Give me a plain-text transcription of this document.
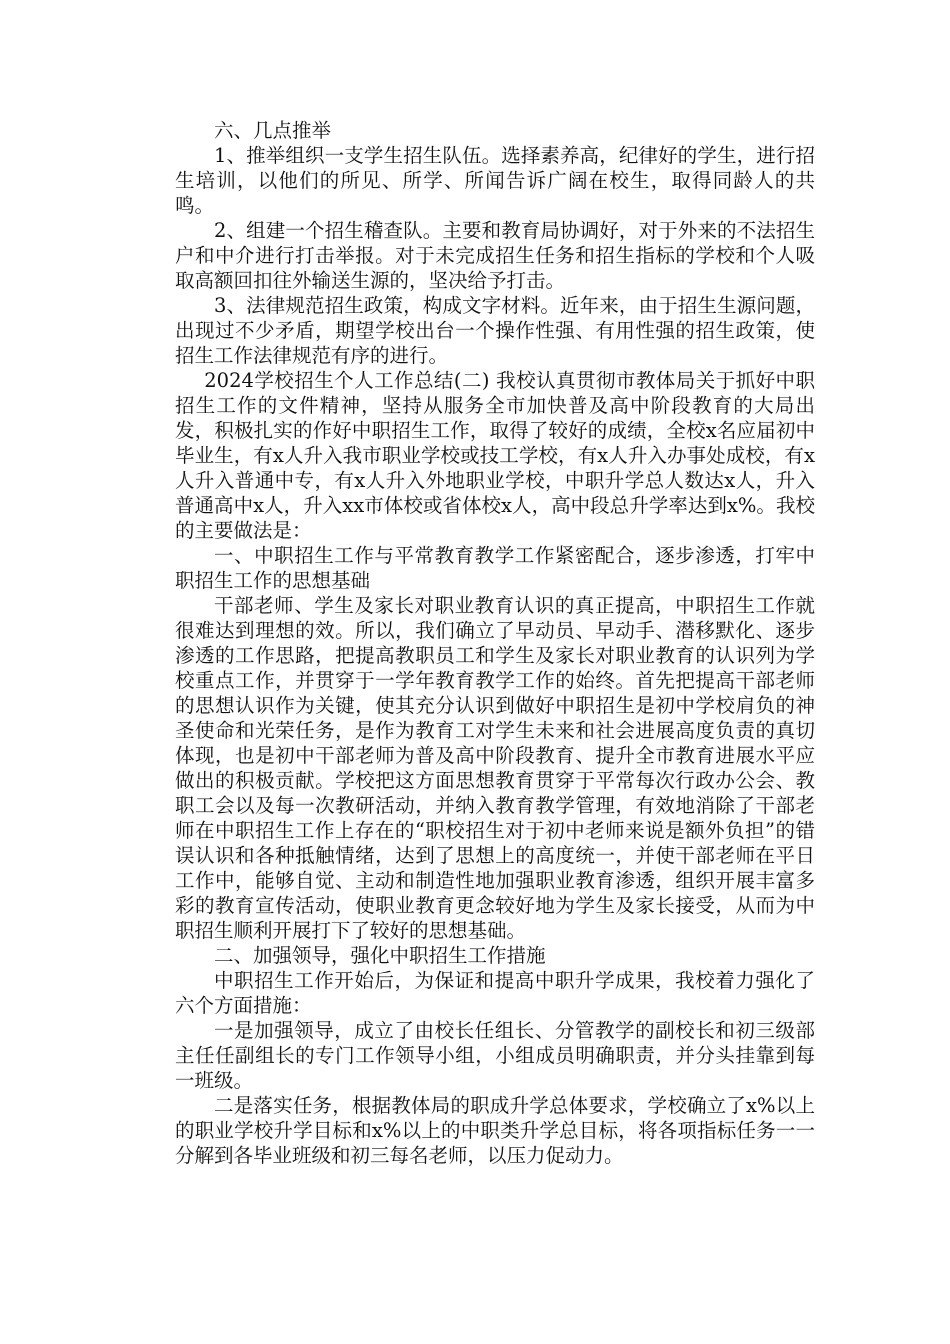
六、几点推举

1、推举组织一支学生招生队伍。选择素养高，纪律好的学生，进行招生培训，以他们的所见、所学、所闻告诉广阔在校生，取得同龄人的共鸣。

2、组建一个招生稽查队。主要和教育局协调好，对于外来的不法招生户和中介进行打击举报。对于未完成招生任务和招生指标的学校和个人吸取高额回扣往外输送生源的，坚决给予打击。

3、法律规范招生政策，构成文字材料。近年来，由于招生生源问题，出现过不少矛盾，期望学校出台一个操作性强、有用性强的招生政策，使招生工作法律规范有序的进行。

2024学校招生个人工作总结(二) 我校认真贯彻市教体局关于抓好中职招生工作的文件精神，坚持从服务全市加快普及高中阶段教育的大局出发，积极扎实的作好中职招生工作，取得了较好的成绩，全校x名应届初中毕业生，有x人升入我市职业学校或技工学校，有x人升入办事处成校，有x人升入普通中专，有x人升入外地职业学校，中职升学总人数达x人，升入普通高中x人，升入xx市体校或省体校x人，高中段总升学率达到x%。我校的主要做法是：

一、中职招生工作与平常教育教学工作紧密配合，逐步渗透，打牢中职招生工作的思想基础

干部老师、学生及家长对职业教育认识的真正提高，中职招生工作就很难达到理想的效。所以，我们确立了早动员、早动手、潜移默化、逐步渗透的工作思路，把提高教职员工和学生及家长对职业教育的认识列为学校重点工作，并贯穿于一学年教育教学工作的始终。首先把提高干部老师的思想认识作为关键，使其充分认识到做好中职招生是初中学校肩负的神圣使命和光荣任务，是作为教育工对学生未来和社会进展高度负责的真切体现，也是初中干部老师为普及高中阶段教育、提升全市教育进展水平应做出的积极贡献。学校把这方面思想教育贯穿于平常每次行政办公会、教职工会以及每一次教研活动，并纳入教育教学管理，有效地消除了干部老师在中职招生工作上存在的“职校招生对于初中老师来说是额外负担”的错误认识和各种抵触情绪，达到了思想上的高度统一，并使干部老师在平日工作中，能够自觉、主动和制造性地加强职业教育渗透，组织开展丰富多彩的教育宣传活动，使职业教育更念较好地为学生及家长接受，从而为中职招生顺利开展打下了较好的思想基础。

二、加强领导，强化中职招生工作措施

中职招生工作开始后，为保证和提高中职升学成果，我校着力强化了六个方面措施：

一是加强领导，成立了由校长任组长、分管教学的副校长和初三级部主任任副组长的专门工作领导小组，小组成员明确职责，并分头挂靠到每一班级。

二是落实任务，根据教体局的职成升学总体要求，学校确立了x%以上的职业学校升学目标和x%以上的中职类升学总目标，将各项指标任务一一分解到各毕业班级和初三每名老师，以压力促动力。
